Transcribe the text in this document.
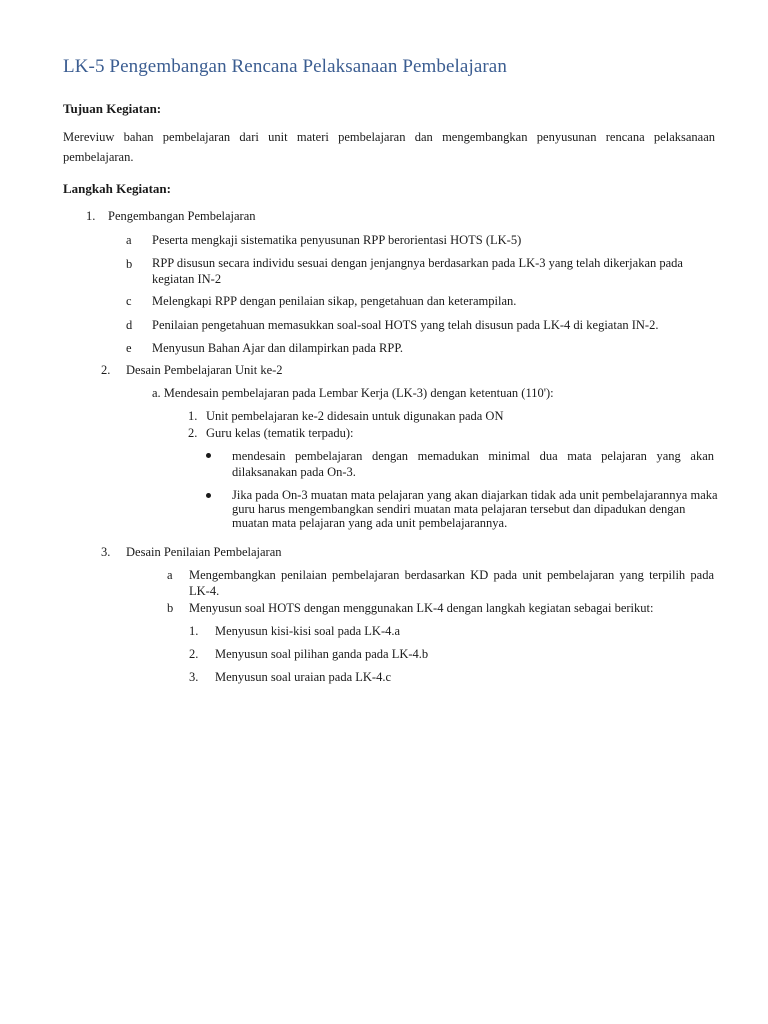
LK-5 Pengembangan Rencana Pelaksanaan Pembelajaran
Tujuan Kegiatan:
Mereviuw bahan pembelajaran dari unit materi pembelajaran dan mengembangkan penyusunan rencana pelaksanaan pembelajaran.
Langkah Kegiatan:
1. Pengembangan Pembelajaran
a Peserta mengkaji sistematika penyusunan RPP berorientasi HOTS (LK-5)
b RPP disusun secara individu sesuai dengan jenjangnya berdasarkan pada LK-3 yang telah dikerjakan pada kegiatan IN-2
c Melengkapi RPP dengan penilaian sikap, pengetahuan dan keterampilan.
d Penilaian pengetahuan memasukkan soal-soal HOTS yang telah disusun pada LK-4 di kegiatan IN-2.
e Menyusun Bahan Ajar dan dilampirkan pada RPP.
2. Desain Pembelajaran Unit ke-2
a. Mendesain pembelajaran pada Lembar Kerja (LK-3) dengan ketentuan (110'):
1. Unit pembelajaran ke-2 didesain untuk digunakan pada ON
2. Guru kelas (tematik terpadu):
mendesain pembelajaran dengan memadukan minimal dua mata pelajaran yang akan dilaksanakan pada On-3.
Jika pada On-3 muatan mata pelajaran yang akan diajarkan tidak ada unit pembelajarannya maka guru harus mengembangkan sendiri muatan mata pelajaran tersebut dan dipadukan dengan muatan mata pelajaran yang ada unit pembelajarannya.
3. Desain Penilaian Pembelajaran
a Mengembangkan penilaian pembelajaran berdasarkan KD pada unit pembelajaran yang terpilih pada LK-4.
b Menyusun soal HOTS dengan menggunakan LK-4 dengan langkah kegiatan sebagai berikut:
1. Menyusun kisi-kisi soal pada LK-4.a
2. Menyusun soal pilihan ganda pada LK-4.b
3. Menyusun soal uraian pada LK-4.c
